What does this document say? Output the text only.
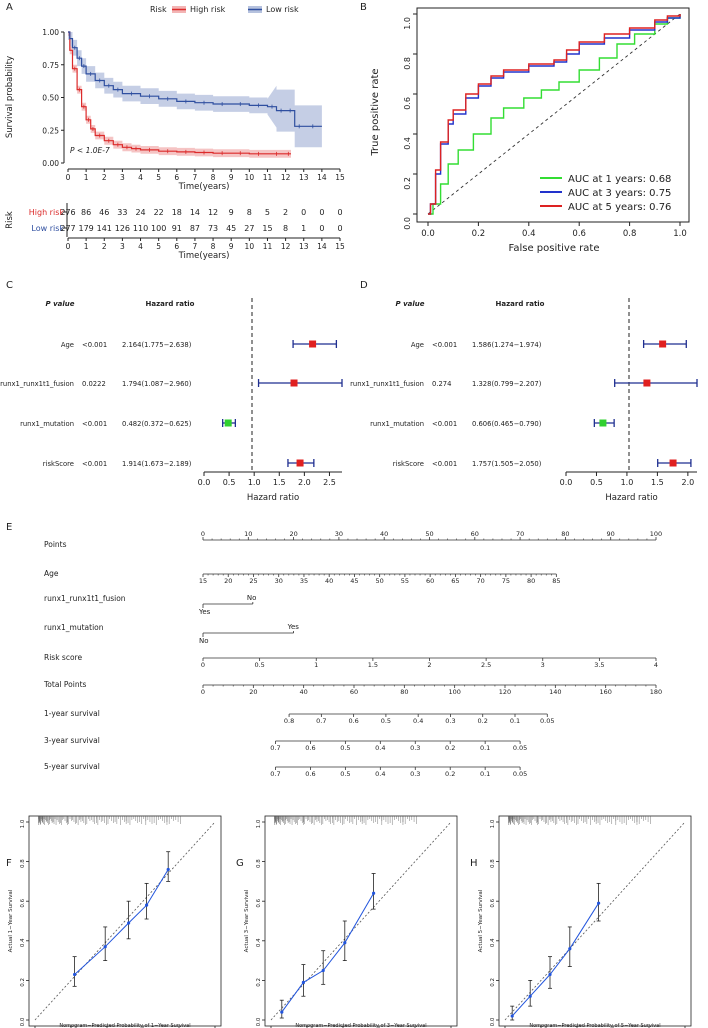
A	B
C	D
E
F	G	H
Risk	High risk	Low risk
0.00
0.25
0.50
0.75
1.00
Survival probability
0 1 2 3 4 5 6 7 8 9 10 11 12 13 14 15
Time(years)
P < 1.0E-7
Risk High risk
276 86 46 33 24 22 18 14 12 9 8 5 2 0 0 0
Low risk
277 179 141 126 110 100 91 87 73 45 27 15 8 1 0 0
0 1 2 3 4 5 6 7 8 9 10 11 12 13 14 15
Time(years)
0.0
0.2
0.4
0.6
0.8
1.0
0.0	0.2	0.4	0.6	0.8	1.0
True positive rate
False positive rate
AUC at 1 years: 0.68
AUC at 3 years: 0.75
AUC at 5 years: 0.76
P value	Hazard ratio
Age <0.001 2.164(1.775−2.638)
runx1_runx1t1_fusion 0.0222 1.794(1.087−2.960)
runx1_mutation <0.001 0.482(0.372−0.625)
riskScore <0.001 1.914(1.673−2.189)
0.0 0.5 1.0 1.5 2.0 2.5
Hazard ratio
P value	Hazard ratio
Age <0.001 1.586(1.274−1.974)
runx1_runx1t1_fusion 0.274	1.328(0.799−2.207)
runx1_mutation <0.001 0.606(0.465−0.790)
riskScore <0.001 1.757(1.505−2.050)
0.0 0.5 1.0 1.5 2.0
Hazard ratio
Points
0	10	20	30	40	50	60	70	80	90	100
Age
15	20	25	30	35	40	45	50	55	60	65	70	75	80	85
runx1_runx1t1_fusion
Yes
No
runx1_mutation
No
Yes
Risk score
0	0.5	1	1.5	2	2.5	3	3.5	4
Total Points
0	20	40	60	80	100	120	140	160	180
1-year survival
0.8	0.7	0.6	0.5	0.4	0.3	0.2	0.1	0.05
3-year survival
0.7	0.6	0.5	0.4	0.3	0.2	0.1	0.05
5-year survival
0.7	0.6	0.5	0.4	0.3	0.2	0.1	0.05
0.0
0.2
0.4
0.6
0.8
1.0
Actual 1−Year Survival
Nomogram−Predicted Probability of 1−Year Survival	0.0
0.2
0.4
0.6
0.8
1.0
Actual 3−Year Survival
Nomogram−Predicted Probability of 3−Year Survival	0.0
0.2
0.4
0.6
0.8
1.0
Actual 5−Year Survival
Nomogram−Predicted Probability of 5−Year Survival
